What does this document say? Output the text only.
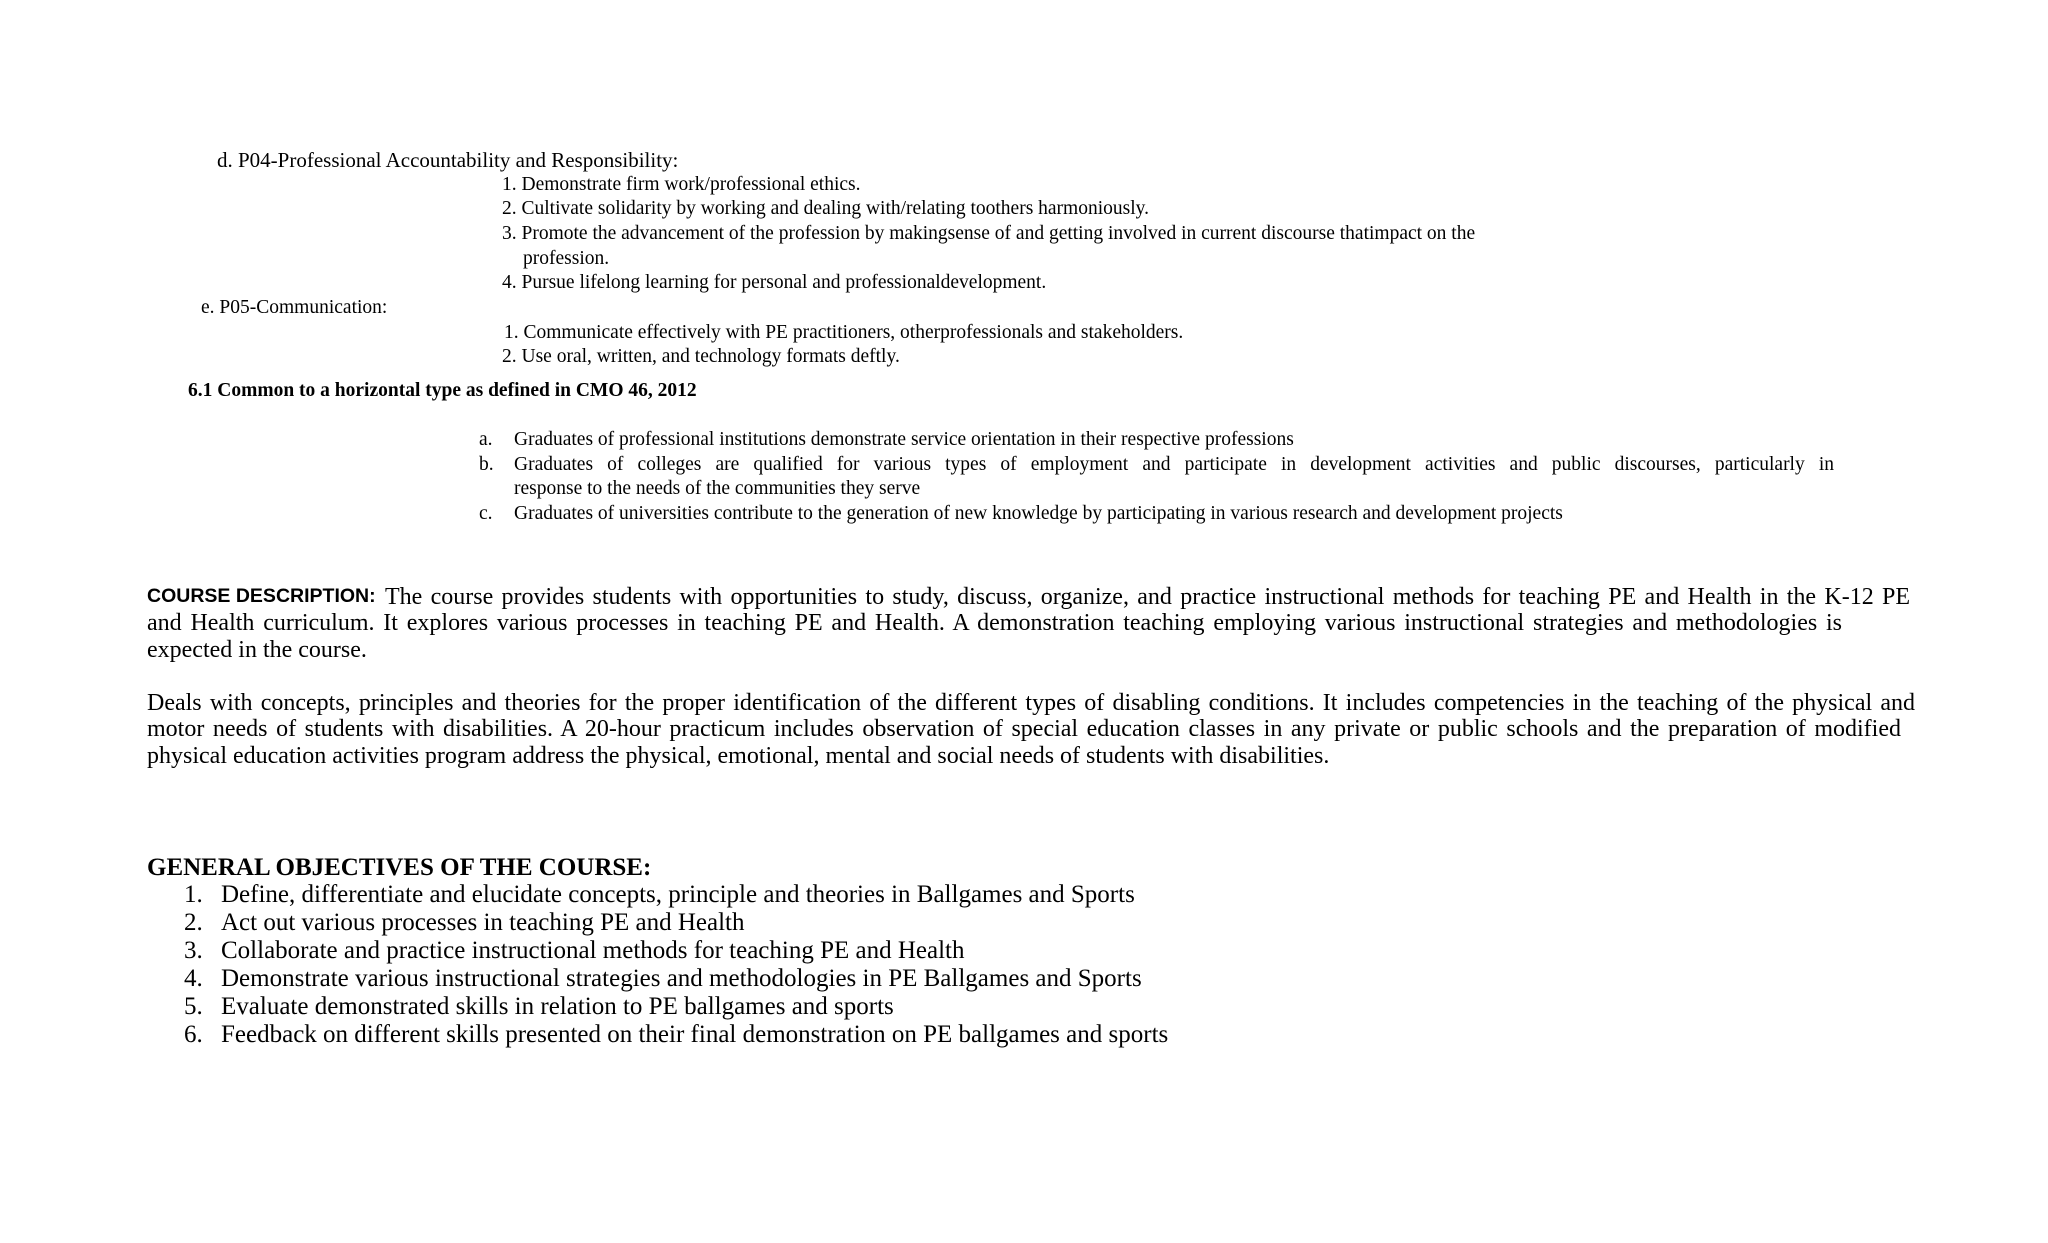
d. P04-Professional Accountability and Responsibility:
1. Demonstrate firm work/professional ethics.
2. Cultivate solidarity by working and dealing with/relating toothers harmoniously.
3. Promote the advancement of the profession by makingsense of and getting involved in current discourse thatimpact on the
profession.
4. Pursue lifelong learning for personal and professionaldevelopment.
e. P05-Communication:
1. Communicate effectively with PE practitioners, otherprofessionals and stakeholders.
2. Use oral, written, and technology formats deftly.
6.1 Common to a horizontal type as defined in CMO 46, 2012
a. Graduates of professional institutions demonstrate service orientation in their respective professions
b. Graduates of colleges are qualified for various types of employment and participate in development activities and public discourses, particularly in
response to the needs of the communities they serve
c. Graduates of universities contribute to the generation of new knowledge by participating in various research and development projects
COURSE DESCRIPTION: The course provides students with opportunities to study, discuss, organize, and practice instructional methods for teaching PE and Health in the K-12 PE
and Health curriculum. It explores various processes in teaching PE and Health. A demonstration teaching employing various instructional strategies and methodologies is
expected in the course.
Deals with concepts, principles and theories for the proper identification of the different types of disabling conditions. It includes competencies in the teaching of the physical and
motor needs of students with disabilities. A 20-hour practicum includes observation of special education classes in any private or public schools and the preparation of modified
physical education activities program address the physical, emotional, mental and social needs of students with disabilities.
GENERAL OBJECTIVES OF THE COURSE:
1. Define, differentiate and elucidate concepts, principle and theories in Ballgames and Sports
2. Act out various processes in teaching PE and Health
3. Collaborate and practice instructional methods for teaching PE and Health
4. Demonstrate various instructional strategies and methodologies in PE Ballgames and Sports
5. Evaluate demonstrated skills in relation to PE ballgames and sports
6. Feedback on different skills presented on their final demonstration on PE ballgames and sports
